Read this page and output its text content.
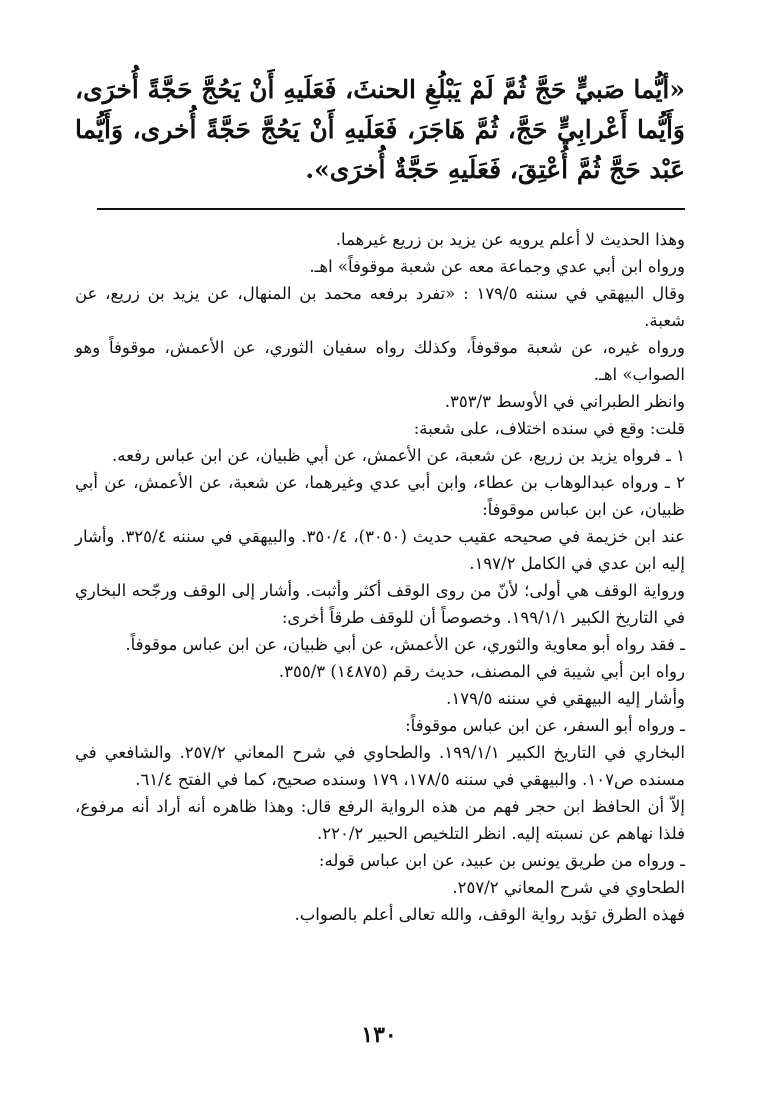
«أيُّما صَبيٍّ حَجَّ ثُمَّ لَمْ يَبْلُغِ الحنثَ، فَعَلَيهِ أَنْ يَحُجَّ حَجَّةً أُخرَى، وَأَيُّما أَعْرابِيٍّ حَجَّ، ثُمَّ هَاجَرَ، فَعَلَيهِ أَنْ يَحُجَّ حَجَّةً أُخرى، وَأَيُّما عَبْد حَجَّ ثُمَّ أُعْتِقَ، فَعَلَيهِ حَجَّةٌ أُخرَى».

وهذا الحديث لا أعلم يرويه عن يزيد بن زريع غيرهما.

ورواه ابن أبي عدي وجماعة معه عن شعبة موقوفاً» اهـ.

وقال البيهقي في سننه ١٧٩/٥ : «تفرد برفعه محمد بن المنهال، عن يزيد بن زريع، عن شعبة.

ورواه غيره، عن شعبة موقوفاً، وكذلك رواه سفيان الثوري، عن الأعمش، موقوفاً وهو الصواب» اهـ.

وانظر الطبراني في الأوسط ٣٥٣/٣.

قلت: وقع في سنده اختلاف، على شعبة:

١ ـ فرواه يزيد بن زريع، عن شعبة، عن الأعمش، عن أبي ظبيان، عن ابن عباس رفعه.

٢ ـ ورواه عبدالوهاب بن عطاء، وابن أبي عدي وغيرهما، عن شعبة، عن الأعمش، عن أبي ظبيان، عن ابن عباس موقوفاً:

عند ابن خزيمة في صحيحه عقيب حديث (٣٠٥٠)، ٣٥٠/٤. والبيهقي في سننه ٣٢٥/٤. وأشار إليه ابن عدي في الكامل ١٩٧/٢.

ورواية الوقف هي أولى؛ لأنّ من روى الوقف أكثر وأثبت. وأشار إلى الوقف ورجّحه البخاري في التاريخ الكبير ١٩٩/١/١. وخصوصاً أن للوقف طرقاً أخرى:

ـ فقد رواه أبو معاوية والثوري، عن الأعمش، عن أبي ظبيان، عن ابن عباس موقوفاً.

رواه ابن أبي شيبة في المصنف، حديث رقم (١٤٨٧٥) ٣٥٥/٣.

وأشار إليه البيهقي في سننه ١٧٩/٥.

ـ ورواه أبو السفر، عن ابن عباس موقوفاً:

البخاري في التاريخ الكبير ١٩٩/١/١. والطحاوي في شرح المعاني ٢٥٧/٢. والشافعي في مسنده ص١٠٧. والبيهقي في سننه ١٧٨/٥، ١٧٩ وسنده صحيح، كما في الفتح ٦١/٤.

إلاّ أن الحافظ ابن حجر فهم من هذه الرواية الرفع قال: وهذا ظاهره أنه أراد أنه مرفوع، فلذا نهاهم عن نسبته إليه. انظر التلخيص الحبير ٢٢٠/٢.

ـ ورواه من طريق يونس بن عبيد، عن ابن عباس قوله:

الطحاوي في شرح المعاني ٢٥٧/٢.

فهذه الطرق تؤيد رواية الوقف، والله تعالى أعلم بالصواب.

١٣٠
